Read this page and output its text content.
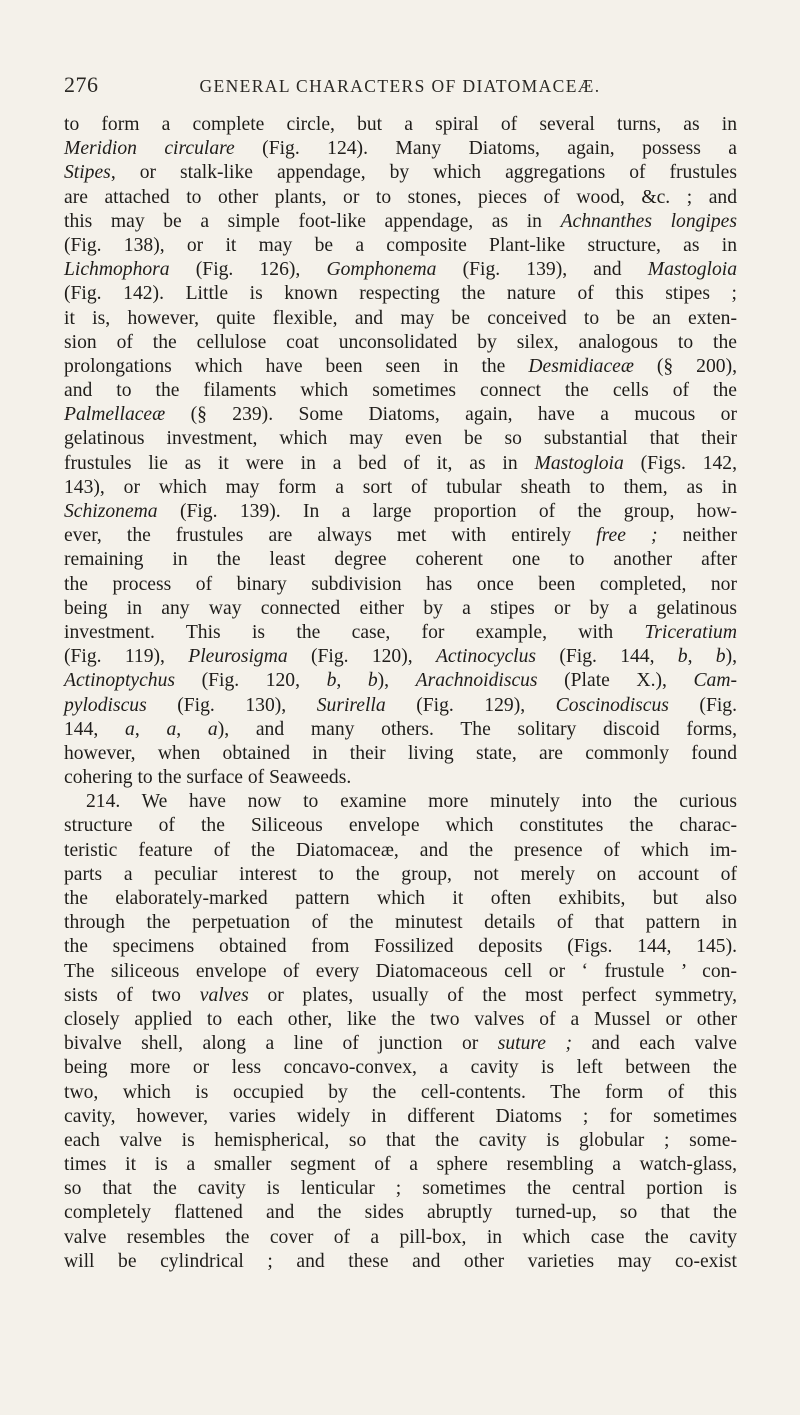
276	GENERAL CHARACTERS OF DIATOMACEÆ.
to form a complete circle, but a spiral of several turns, as in
Meridion circulare (Fig. 124). Many Diatoms, again, possess a
Stipes, or stalk-like appendage, by which aggregations of frustules
are attached to other plants, or to stones, pieces of wood, &c. ; and
this may be a simple foot-like appendage, as in Achnanthes longipes
(Fig. 138), or it may be a composite Plant-like structure, as in
Lichmophora (Fig. 126), Gomphonema (Fig. 139), and Mastogloia
(Fig. 142). Little is known respecting the nature of this stipes ;
it is, however, quite flexible, and may be conceived to be an exten-
sion of the cellulose coat unconsolidated by silex, analogous to the
prolongations which have been seen in the Desmidiaceæ (§ 200),
and to the filaments which sometimes connect the cells of the
Palmellaceæ (§ 239). Some Diatoms, again, have a mucous or
gelatinous investment, which may even be so substantial that their
frustules lie as it were in a bed of it, as in Mastogloia (Figs. 142,
143), or which may form a sort of tubular sheath to them, as in
Schizonema (Fig. 139). In a large proportion of the group, how-
ever, the frustules are always met with entirely free ; neither
remaining in the least degree coherent one to another after
the process of binary subdivision has once been completed, nor
being in any way connected either by a stipes or by a gelatinous
investment. This is the case, for example, with Triceratium
(Fig. 119), Pleurosigma (Fig. 120), Actinocyclus (Fig. 144, b, b),
Actinoptychus (Fig. 120, b, b), Arachnoidiscus (Plate X.), Cam-
pylodiscus (Fig. 130), Surirella (Fig. 129), Coscinodiscus (Fig.
144, a, a, a), and many others. The solitary discoid forms,
however, when obtained in their living state, are commonly found
cohering to the surface of Seaweeds.
214. We have now to examine more minutely into the curious
structure of the Siliceous envelope which constitutes the charac-
teristic feature of the Diatomaceæ, and the presence of which im-
parts a peculiar interest to the group, not merely on account of
the elaborately-marked pattern which it often exhibits, but also
through the perpetuation of the minutest details of that pattern in
the specimens obtained from Fossilized deposits (Figs. 144, 145).
The siliceous envelope of every Diatomaceous cell or ‘ frustule ’ con-
sists of two valves or plates, usually of the most perfect symmetry,
closely applied to each other, like the two valves of a Mussel or other
bivalve shell, along a line of junction or suture ; and each valve
being more or less concavo-convex, a cavity is left between the
two, which is occupied by the cell-contents. The form of this
cavity, however, varies widely in different Diatoms ; for sometimes
each valve is hemispherical, so that the cavity is globular ; some-
times it is a smaller segment of a sphere resembling a watch-glass,
so that the cavity is lenticular ; sometimes the central portion is
completely flattened and the sides abruptly turned-up, so that the
valve resembles the cover of a pill-box, in which case the cavity
will be cylindrical ; and these and other varieties may co-exist
